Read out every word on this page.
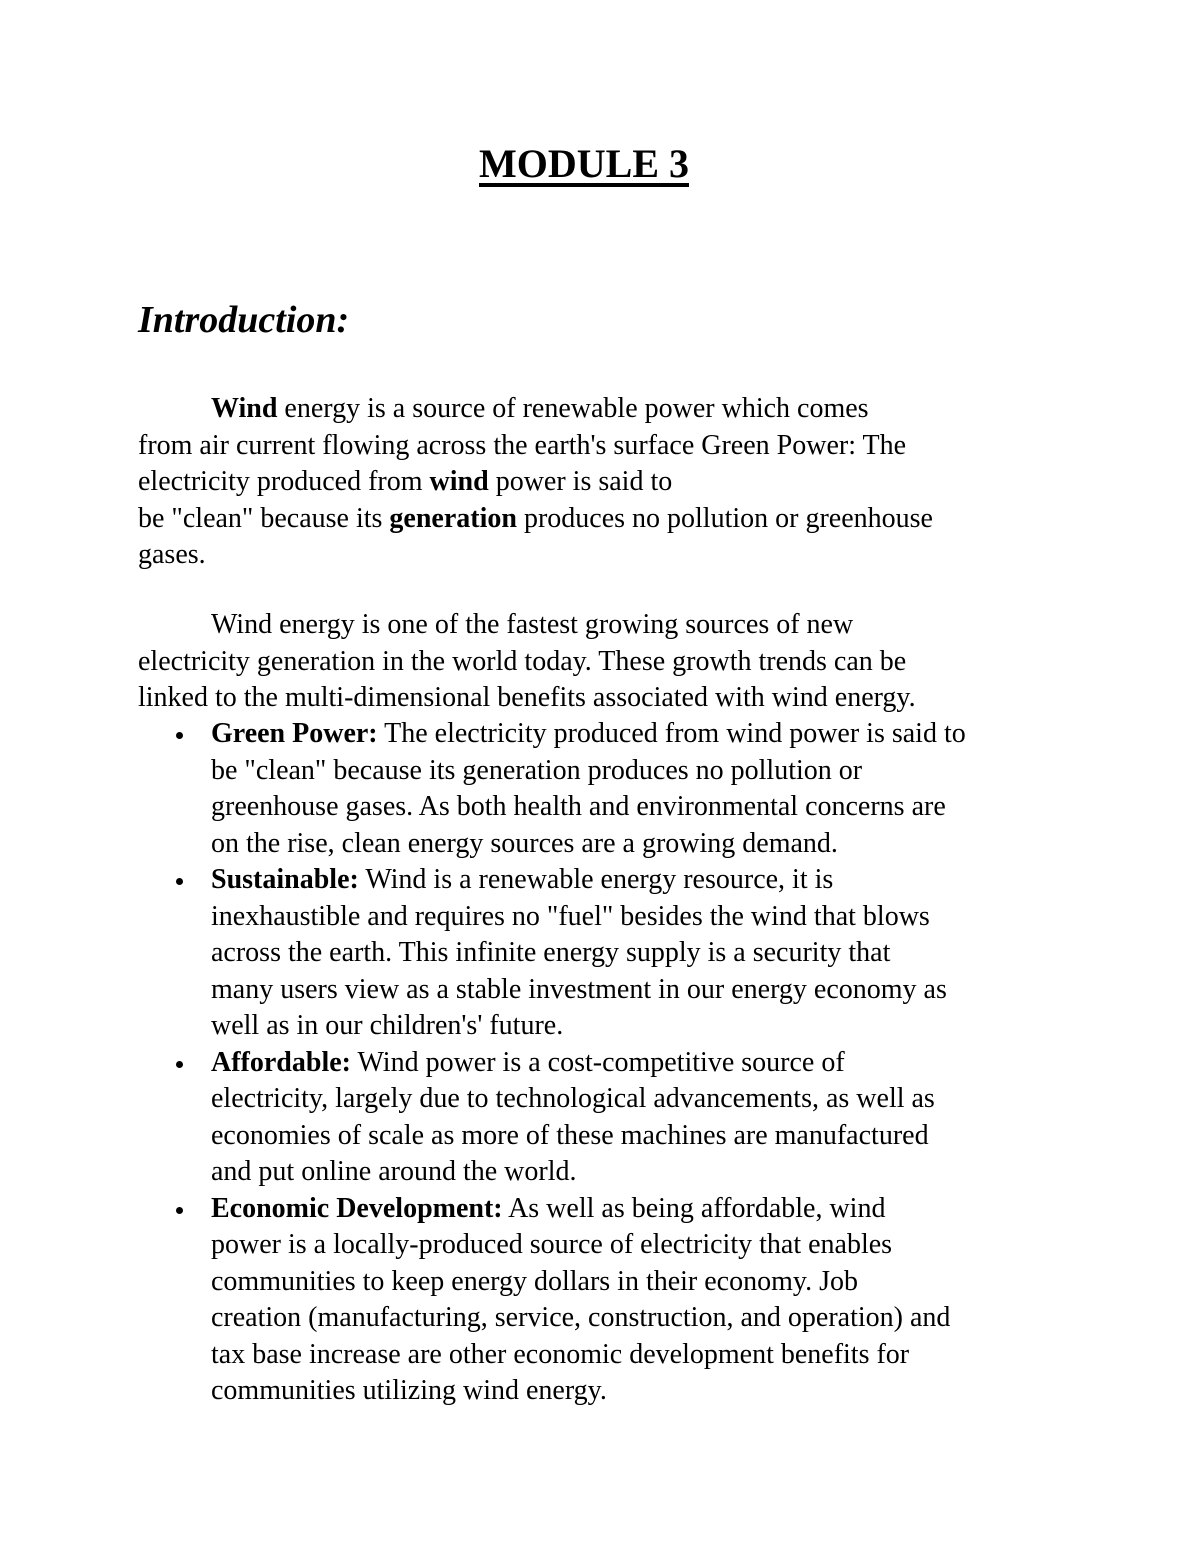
MODULE 3
Introduction:

Wind energy is a source of renewable power which comes
from air current flowing across the earth's surface Green Power: The
electricity produced from wind power is said to
be "clean" because its generation produces no pollution or greenhouse
gases.

Wind energy is one of the fastest growing sources of new
electricity generation in the world today. These growth trends can be
linked to the multi-dimensional benefits associated with wind energy.

Green Power: The electricity produced from wind power is said to
be "clean" because its generation produces no pollution or
greenhouse gases. As both health and environmental concerns are
on the rise, clean energy sources are a growing demand.
Sustainable: Wind is a renewable energy resource, it is
inexhaustible and requires no "fuel" besides the wind that blows
across the earth. This infinite energy supply is a security that
many users view as a stable investment in our energy economy as
well as in our children's' future.
Affordable: Wind power is a cost-competitive source of
electricity, largely due to technological advancements, as well as
economies of scale as more of these machines are manufactured
and put online around the world.
Economic Development: As well as being affordable, wind
power is a locally-produced source of electricity that enables
communities to keep energy dollars in their economy. Job
creation (manufacturing, service, construction, and operation) and
tax base increase are other economic development benefits for
communities utilizing wind energy.
